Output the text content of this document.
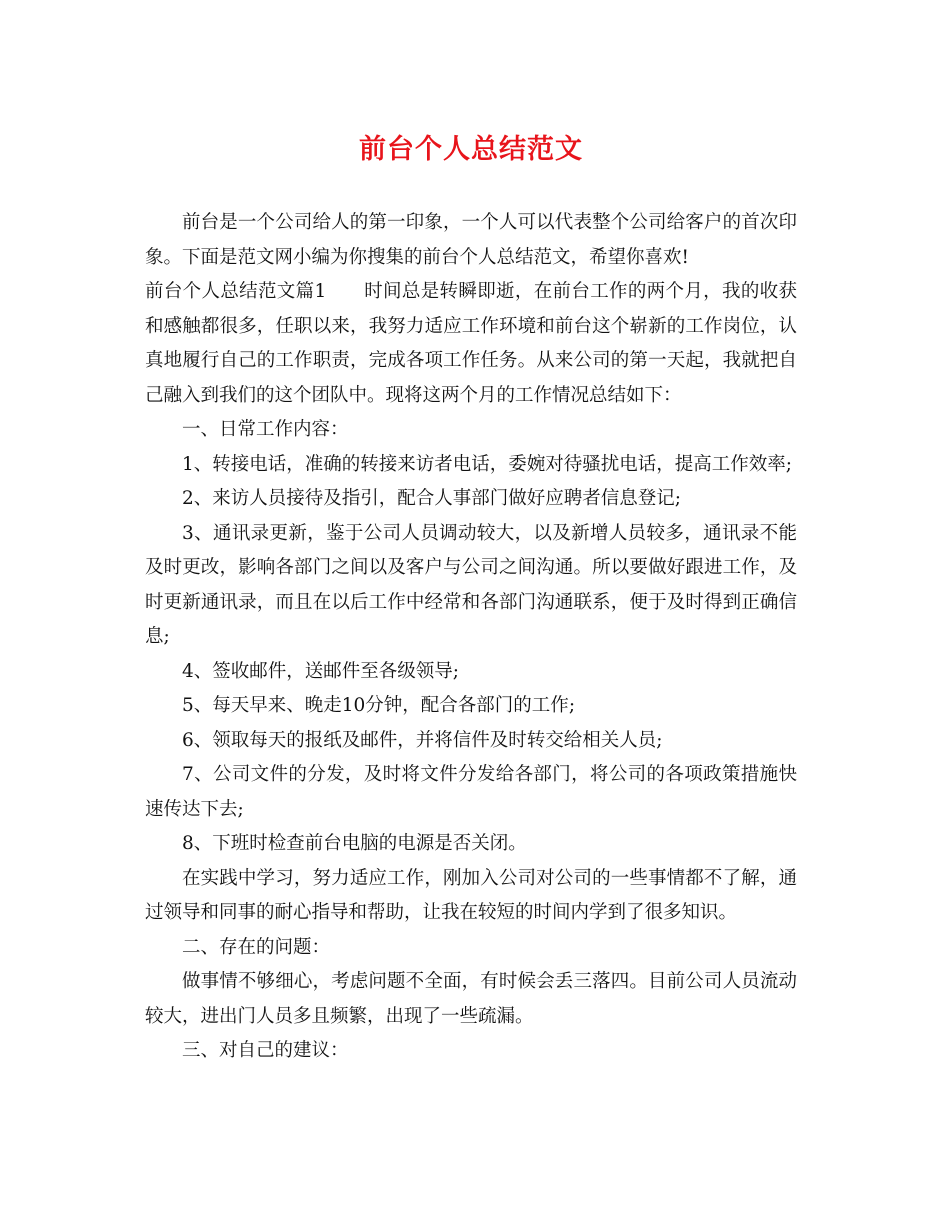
前台个人总结范文

前台是一个公司给人的第一印象，一个人可以代表整个公司给客户的首次印象。下面是范文网小编为你搜集的前台个人总结范文，希望你喜欢!

前台个人总结范文篇1　　时间总是转瞬即逝，在前台工作的两个月，我的收获和感触都很多，任职以来，我努力适应工作环境和前台这个崭新的工作岗位，认真地履行自己的工作职责，完成各项工作任务。从来公司的第一天起，我就把自己融入到我们的这个团队中。现将这两个月的工作情况总结如下：

一、日常工作内容：

1、转接电话，准确的转接来访者电话，委婉对待骚扰电话，提高工作效率;

2、来访人员接待及指引，配合人事部门做好应聘者信息登记;

3、通讯录更新，鉴于公司人员调动较大，以及新增人员较多，通讯录不能及时更改，影响各部门之间以及客户与公司之间沟通。所以要做好跟进工作，及时更新通讯录，而且在以后工作中经常和各部门沟通联系，便于及时得到正确信息;

4、签收邮件，送邮件至各级领导;

5、每天早来、晚走10分钟，配合各部门的工作;

6、领取每天的报纸及邮件，并将信件及时转交给相关人员;

7、公司文件的分发，及时将文件分发给各部门，将公司的各项政策措施快速传达下去;

8、下班时检查前台电脑的电源是否关闭。

在实践中学习，努力适应工作，刚加入公司对公司的一些事情都不了解，通过领导和同事的耐心指导和帮助，让我在较短的时间内学到了很多知识。

二、存在的问题：

做事情不够细心，考虑问题不全面，有时候会丢三落四。目前公司人员流动较大，进出门人员多且频繁，出现了一些疏漏。

三、对自己的建议：
